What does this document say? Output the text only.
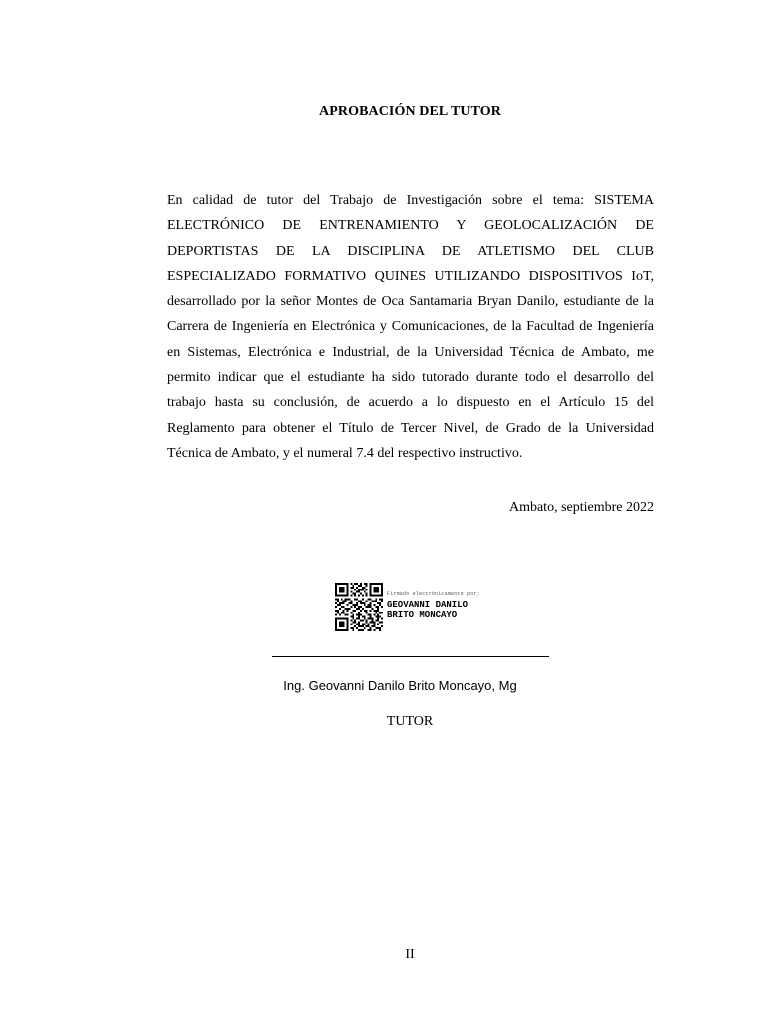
APROBACIÓN DEL TUTOR
En calidad de tutor del Trabajo de Investigación sobre el tema: SISTEMA ELECTRÓNICO DE ENTRENAMIENTO Y GEOLOCALIZACIÓN DE DEPORTISTAS DE LA DISCIPLINA DE ATLETISMO DEL CLUB ESPECIALIZADO FORMATIVO QUINES UTILIZANDO DISPOSITIVOS IoT, desarrollado por la señor Montes de Oca Santamaria Bryan Danilo, estudiante de la Carrera de Ingeniería en Electrónica y Comunicaciones, de la Facultad de Ingeniería en Sistemas, Electrónica e Industrial, de la Universidad Técnica de Ambato, me permito indicar que el estudiante ha sido tutorado durante todo el desarrollo del trabajo hasta su conclusión, de acuerdo a lo dispuesto en el Artículo 15 del Reglamento para obtener el Título de Tercer Nivel, de Grado de la Universidad Técnica de Ambato, y el numeral 7.4 del respectivo instructivo.
Ambato, septiembre 2022
Firmado electrónicamente por:
GEOVANNI DANILO
BRITO MONCAYO
Ing. Geovanni Danilo Brito Moncayo, Mg
TUTOR
II
